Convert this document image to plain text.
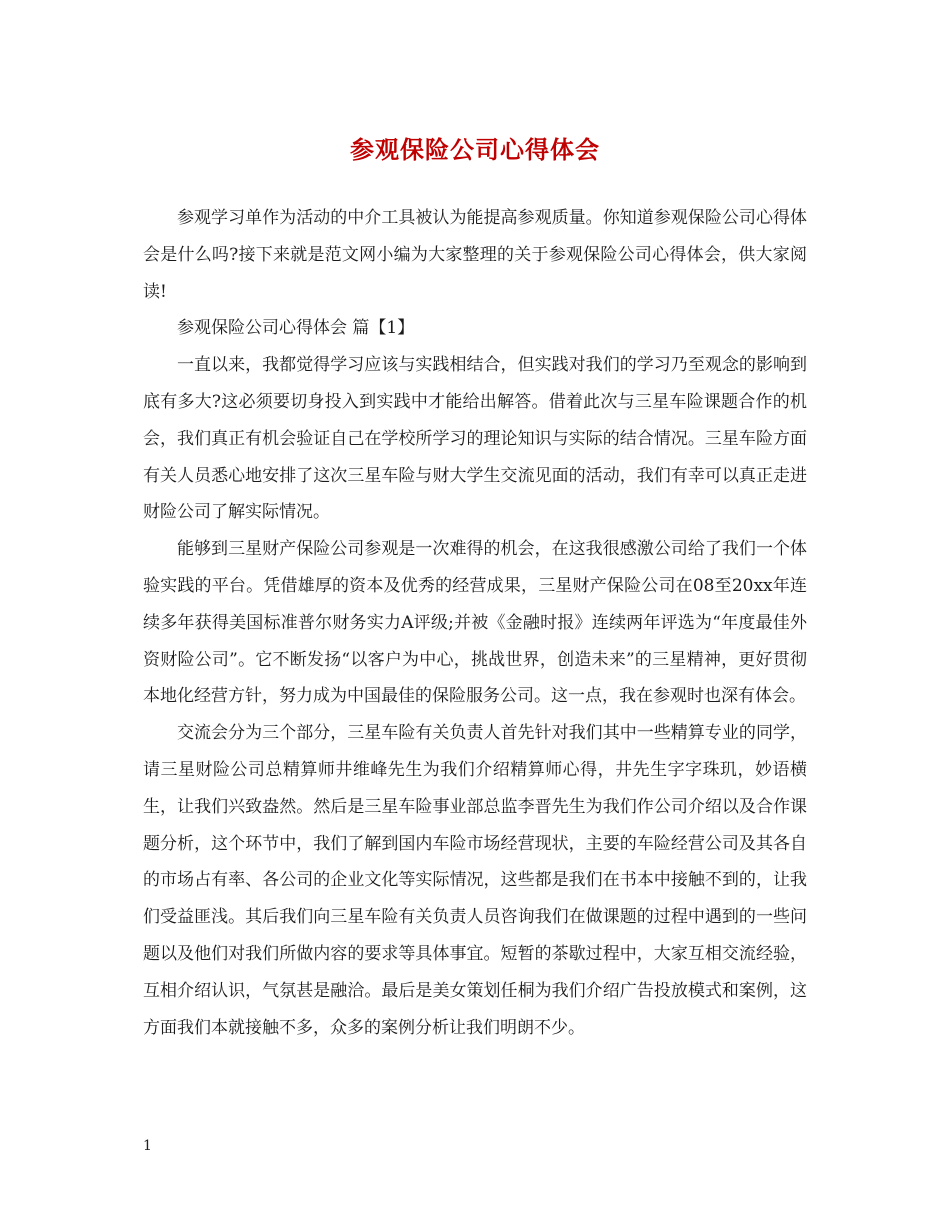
参观保险公司心得体会

参观学习单作为活动的中介工具被认为能提高参观质量。你知道参观保险公司心得体会是什么吗?接下来就是范文网小编为大家整理的关于参观保险公司心得体会，供大家阅读!

参观保险公司心得体会 篇【1】

一直以来，我都觉得学习应该与实践相结合，但实践对我们的学习乃至观念的影响到底有多大?这必须要切身投入到实践中才能给出解答。借着此次与三星车险课题合作的机会，我们真正有机会验证自己在学校所学习的理论知识与实际的结合情况。三星车险方面有关人员悉心地安排了这次三星车险与财大学生交流见面的活动，我们有幸可以真正走进财险公司了解实际情况。

能够到三星财产保险公司参观是一次难得的机会，在这我很感激公司给了我们一个体验实践的平台。凭借雄厚的资本及优秀的经营成果，三星财产保险公司在08至20xx年连续多年获得美国标准普尔财务实力A评级;并被《金融时报》连续两年评选为“年度最佳外资财险公司”。它不断发扬“以客户为中心，挑战世界，创造未来”的三星精神，更好贯彻本地化经营方针，努力成为中国最佳的保险服务公司。这一点，我在参观时也深有体会。

交流会分为三个部分，三星车险有关负责人首先针对我们其中一些精算专业的同学，请三星财险公司总精算师井维峰先生为我们介绍精算师心得，井先生字字珠玑，妙语横生，让我们兴致盎然。然后是三星车险事业部总监李晋先生为我们作公司介绍以及合作课题分析，这个环节中，我们了解到国内车险市场经营现状，主要的车险经营公司及其各自的市场占有率、各公司的企业文化等实际情况，这些都是我们在书本中接触不到的，让我们受益匪浅。其后我们向三星车险有关负责人员咨询我们在做课题的过程中遇到的一些问题以及他们对我们所做内容的要求等具体事宜。短暂的茶歇过程中，大家互相交流经验，互相介绍认识，气氛甚是融洽。最后是美女策划任桐为我们介绍广告投放模式和案例，这方面我们本就接触不多，众多的案例分析让我们明朗不少。

1
